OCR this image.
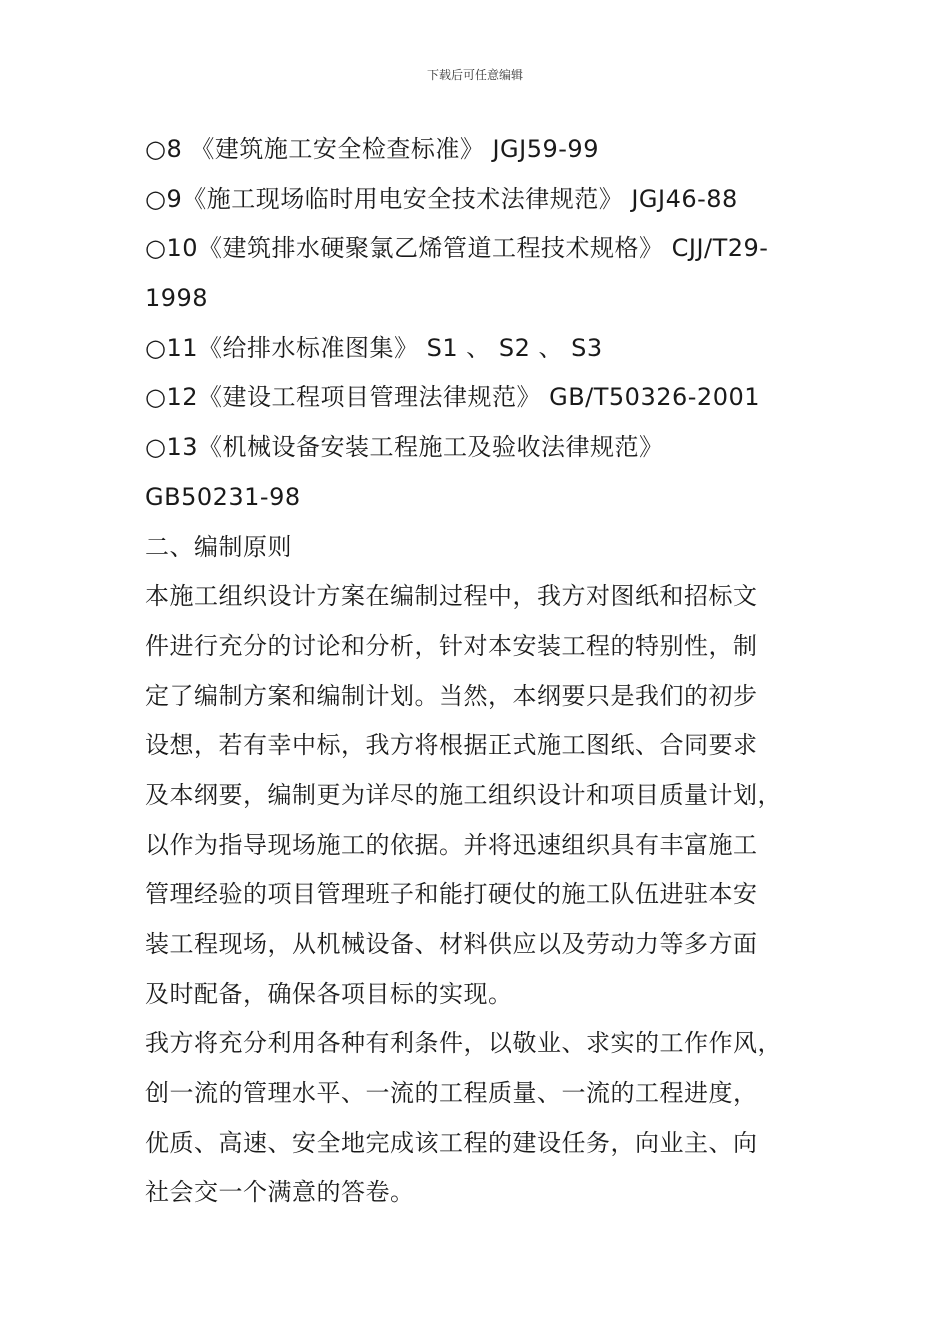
下载后可任意编辑
○8 《建筑施工安全检查标准》 JGJ59-99
○9《施工现场临时用电安全技术法律规范》 JGJ46-88
○10《建筑排水硬聚氯乙烯管道工程技术规格》 CJJ/T29-
1998
○11《给排水标准图集》 S1 、 S2 、 S3
○12《建设工程项目管理法律规范》 GB/T50326-2001
○13《机械设备安装工程施工及验收法律规范》
GB50231-98
二、编制原则
本施工组织设计方案在编制过程中，我方对图纸和招标文
件进行充分的讨论和分析，针对本安装工程的特别性，制
定了编制方案和编制计划。当然，本纲要只是我们的初步
设想，若有幸中标，我方将根据正式施工图纸、合同要求
及本纲要，编制更为详尽的施工组织设计和项目质量计划，
以作为指导现场施工的依据。并将迅速组织具有丰富施工
管理经验的项目管理班子和能打硬仗的施工队伍进驻本安
装工程现场，从机械设备、材料供应以及劳动力等多方面
及时配备，确保各项目标的实现。
我方将充分利用各种有利条件，以敬业、求实的工作作风，
创一流的管理水平、一流的工程质量、一流的工程进度，
优质、高速、安全地完成该工程的建设任务，向业主、向
社会交一个满意的答卷。
